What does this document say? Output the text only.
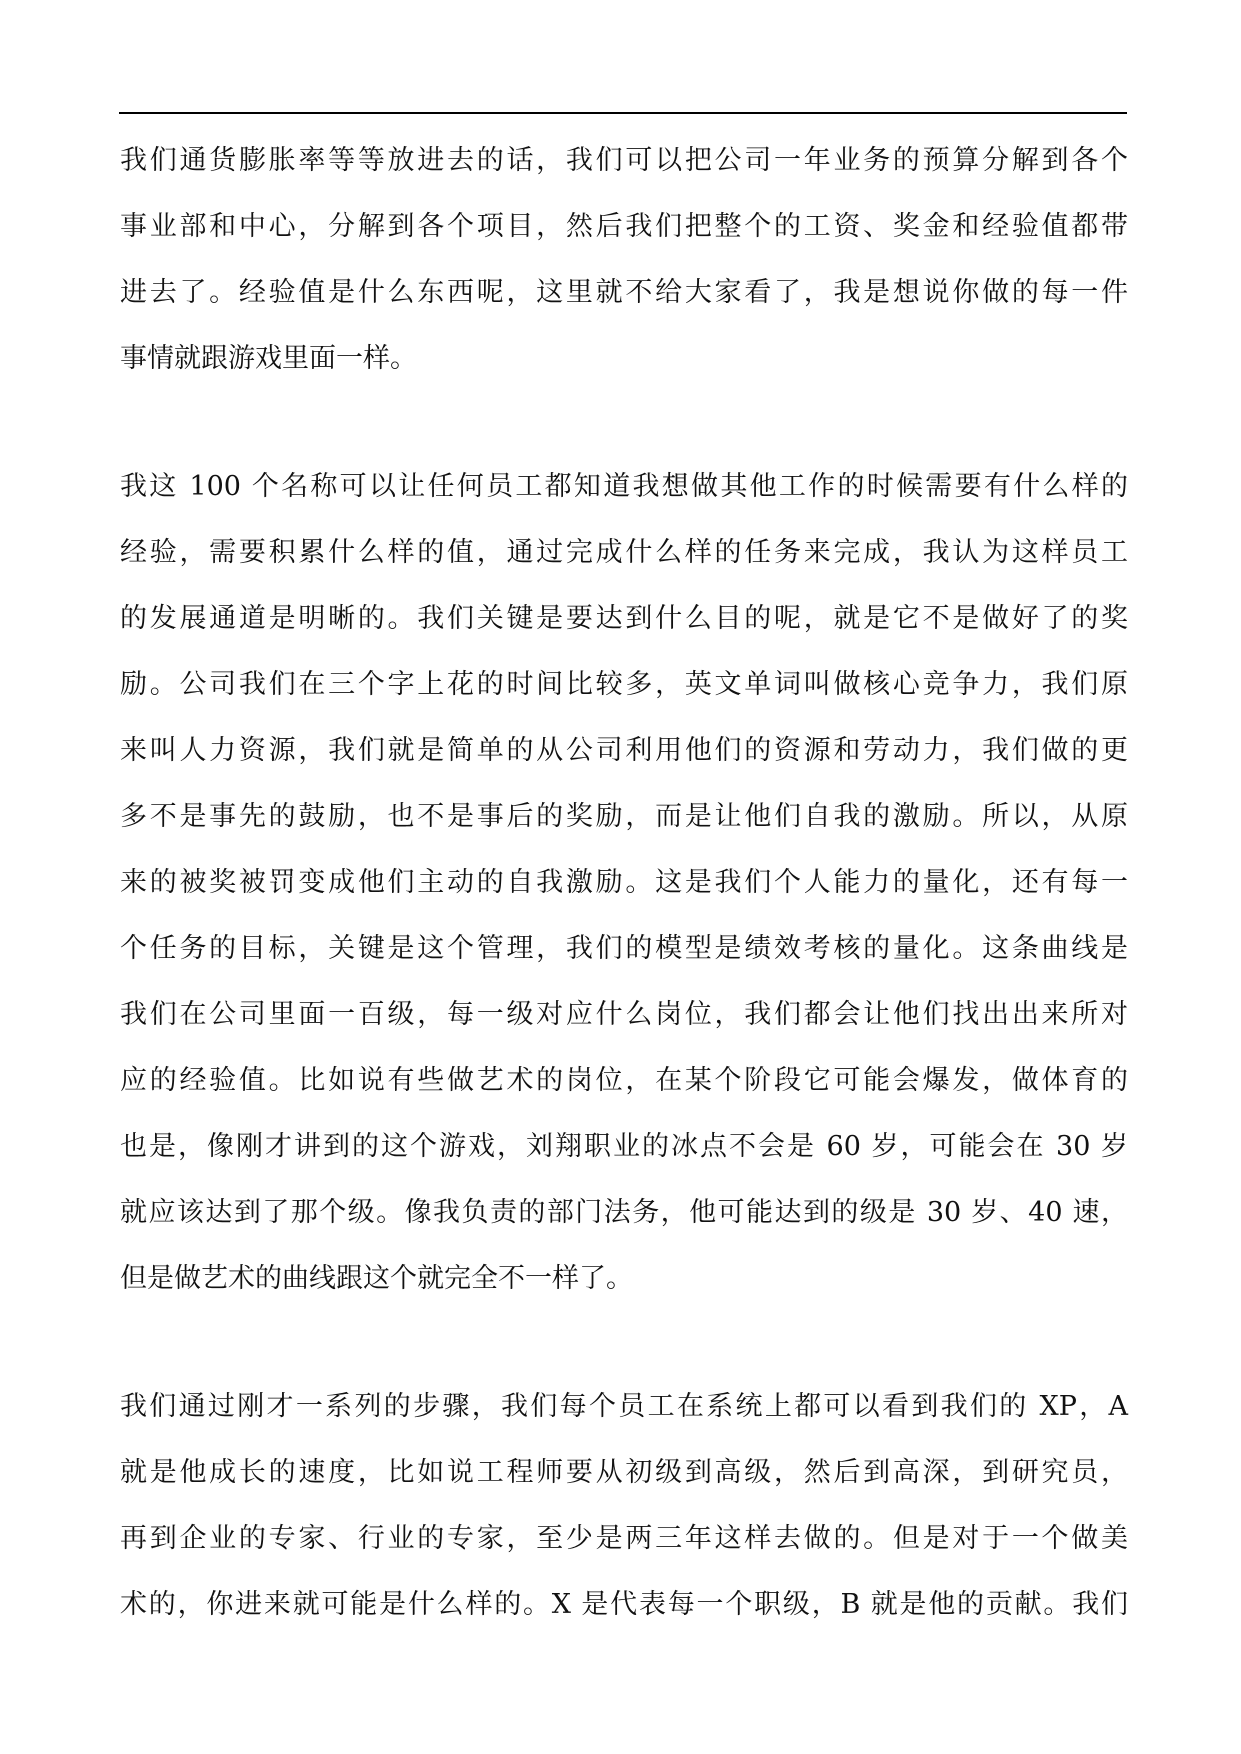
我们通货膨胀率等等放进去的话，我们可以把公司一年业务的预算分解到各个
事业部和中心，分解到各个项目，然后我们把整个的工资、奖金和经验值都带
进去了。经验值是什么东西呢，这里就不给大家看了，我是想说你做的每一件
事情就跟游戏里面一样。
我这 100 个名称可以让任何员工都知道我想做其他工作的时候需要有什么样的
经验，需要积累什么样的值，通过完成什么样的任务来完成，我认为这样员工
的发展通道是明晰的。我们关键是要达到什么目的呢，就是它不是做好了的奖
励。公司我们在三个字上花的时间比较多，英文单词叫做核心竞争力，我们原
来叫人力资源，我们就是简单的从公司利用他们的资源和劳动力，我们做的更
多不是事先的鼓励，也不是事后的奖励，而是让他们自我的激励。所以，从原
来的被奖被罚变成他们主动的自我激励。这是我们个人能力的量化，还有每一
个任务的目标，关键是这个管理，我们的模型是绩效考核的量化。这条曲线是
我们在公司里面一百级，每一级对应什么岗位，我们都会让他们找出出来所对
应的经验值。比如说有些做艺术的岗位，在某个阶段它可能会爆发，做体育的
也是，像刚才讲到的这个游戏，刘翔职业的冰点不会是 60 岁，可能会在 30 岁
就应该达到了那个级。像我负责的部门法务，他可能达到的级是 30 岁、40 速，
但是做艺术的曲线跟这个就完全不一样了。
我们通过刚才一系列的步骤，我们每个员工在系统上都可以看到我们的 XP，A
就是他成长的速度，比如说工程师要从初级到高级，然后到高深，到研究员，
再到企业的专家、行业的专家，至少是两三年这样去做的。但是对于一个做美
术的，你进来就可能是什么样的。X 是代表每一个职级，B 就是他的贡献。我们
